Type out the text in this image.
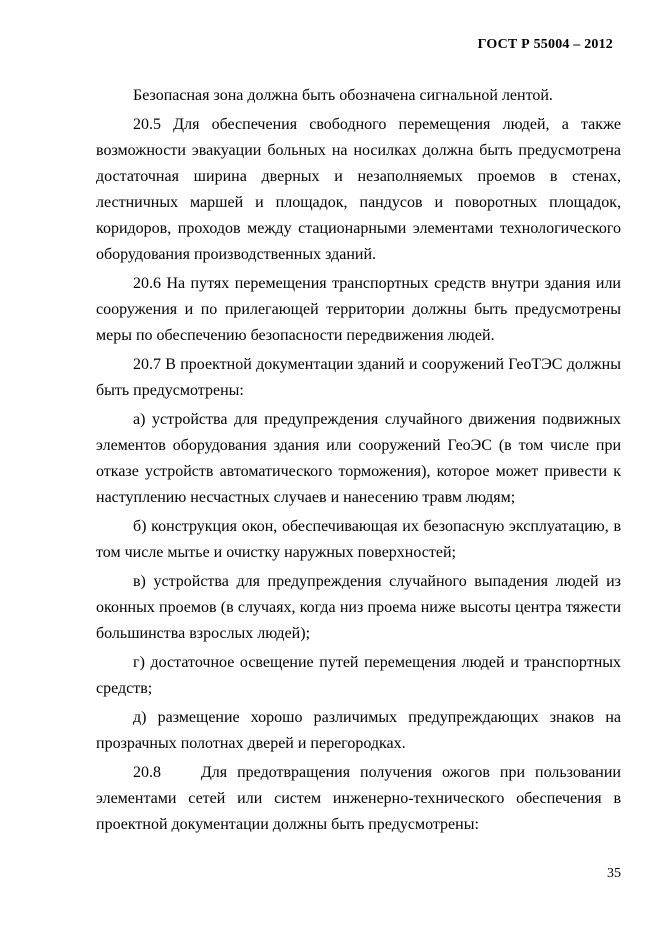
ГОСТ Р 55004 – 2012

Безопасная зона должна быть обозначена сигнальной лентой.

20.5 Для обеспечения свободного перемещения людей, а также возможности эвакуации больных на носилках должна быть предусмотрена достаточная ширина дверных и незаполняемых проемов в стенах, лестничных маршей и площадок, пандусов и поворотных площадок, коридоров, проходов между стационарными элементами технологического оборудования производственных зданий.

20.6 На путях перемещения транспортных средств внутри здания или сооружения и по прилегающей территории должны быть предусмотрены меры по обеспечению безопасности передвижения людей.

20.7 В проектной документации зданий и сооружений ГеоТЭС должны быть предусмотрены:

а) устройства для предупреждения случайного движения подвижных элементов оборудования здания или сооружений ГеоЭС (в том числе при отказе устройств автоматического торможения), которое может привести к наступлению несчастных случаев и нанесению травм людям;

б) конструкция окон, обеспечивающая их безопасную эксплуатацию, в том числе мытье и очистку наружных поверхностей;

в) устройства для предупреждения случайного выпадения людей из оконных проемов (в случаях, когда низ проема ниже высоты центра тяжести большинства взрослых людей);

г) достаточное освещение путей перемещения людей и транспортных средств;

д) размещение хорошо различимых предупреждающих знаков на прозрачных полотнах дверей и перегородках.

20.8    Для предотвращения получения ожогов при пользовании элементами сетей или систем инженерно-технического обеспечения в проектной документации должны быть предусмотрены:

35
